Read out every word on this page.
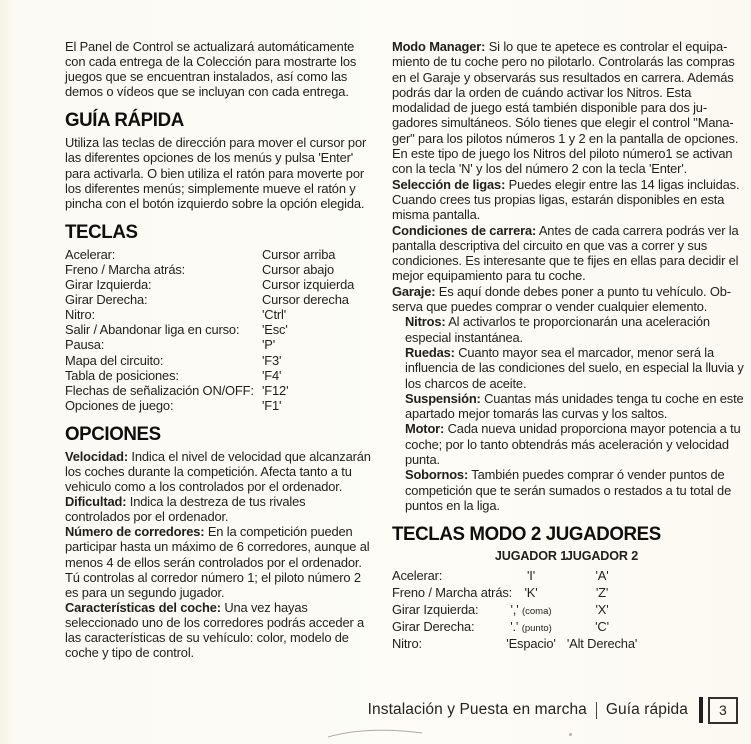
El Panel de Control se actualizará automáticamente con cada entrega de la Colección para mostrarte los juegos que se encuentran instalados, así como las demos o vídeos que se incluyan con cada entrega.

GUÍA RÁPIDA

Utiliza las teclas de dirección para mover el cursor por las diferentes opciones de los menús y pulsa 'Enter' para activarla. O bien utiliza el ratón para moverte por los diferentes menús; simplemente mueve el ratón y pincha con el botón izquierdo sobre la opción elegida.

TECLAS
Acelerar:	Cursor arriba
Freno / Marcha atrás:	Cursor abajo
Girar Izquierda:	Cursor izquierda
Girar Derecha:	Cursor derecha
Nitro:	'Ctrl'
Salir / Abandonar liga en curso:	'Esc'
Pausa:	'P'
Mapa del circuito:	'F3'
Tabla de posiciones:	'F4'
Flechas de señalización ON/OFF: 'F12'
Opciones de juego:	'F1'
OPCIONES

Velocidad: Indica el nivel de velocidad que alcanzarán los coches durante la competición. Afecta tanto a tu vehiculo como a los controlados por el ordenador.

Dificultad: Indica la destreza de tus rivales controlados por el ordenador.

Número de corredores: En la competición pueden participar hasta un máximo de 6 corredores, aunque al menos 4 de ellos serán controlados por el ordenador. Tú controlas al corredor número 1; el piloto número 2 es para un segundo jugador.

Características del coche: Una vez hayas seleccionado uno de los corredores podrás acceder a las características de su vehículo: color, modelo de coche y tipo de control.

Modo Manager: Si lo que te apetece es controlar el equipamiento de tu coche pero no pilotarlo. Controlarás las compras en el Garaje y observarás sus resultados en carrera. Además podrás dar la orden de cuándo activar los Nitros. Esta modalidad de juego está también disponible para dos jugadores simultáneos. Sólo tienes que elegir el control "Manager" para los pilotos números 1 y 2 en la pantalla de opciones. En este tipo de juego los Nitros del piloto número1 se activan con la tecla 'N' y los del número 2 con la tecla 'Enter'.

Selección de ligas: Puedes elegir entre las 14 ligas incluidas. Cuando crees tus propias ligas, estarán disponibles en esta misma pantalla.

Condiciones de carrera: Antes de cada carrera podrás ver la pantalla descriptiva del circuito en que vas a correr y sus condiciones. Es interesante que te fijes en ellas para decidir el mejor equipamiento para tu coche.

Garaje: Es aquí donde debes poner a punto tu vehículo. Observa que puedes comprar o vender cualquier elemento.

Nitros: Al activarlos te proporcionarán una aceleración especial instantánea.

Ruedas: Cuanto mayor sea el marcador, menor será la influencia de las condiciones del suelo, en especial la lluvia y los charcos de aceite.

Suspensión: Cuantas más unidades tenga tu coche en este apartado mejor tomarás las curvas y los saltos.

Motor: Cada nueva unidad proporciona mayor potencia a tu coche; por lo tanto obtendrás más aceleración y velocidad punta.

Sobornos: También puedes comprar ó vender puntos de competición que te serán sumados o restados a tu total de puntos en la liga.

TECLAS MODO 2 JUGADORES
JUGADOR 1
JUGADOR 2
Acelerar:	'I'	'A'
Freno / Marcha atrás: 'K'	'Z'
Girar Izquierda:	',' (coma)	'X'
Girar Derecha:	'.' (punto)	'C'
Nitro:	'Espacio' 'Alt Derecha'
Instalación y Puesta en marcha Guía rápida 3
